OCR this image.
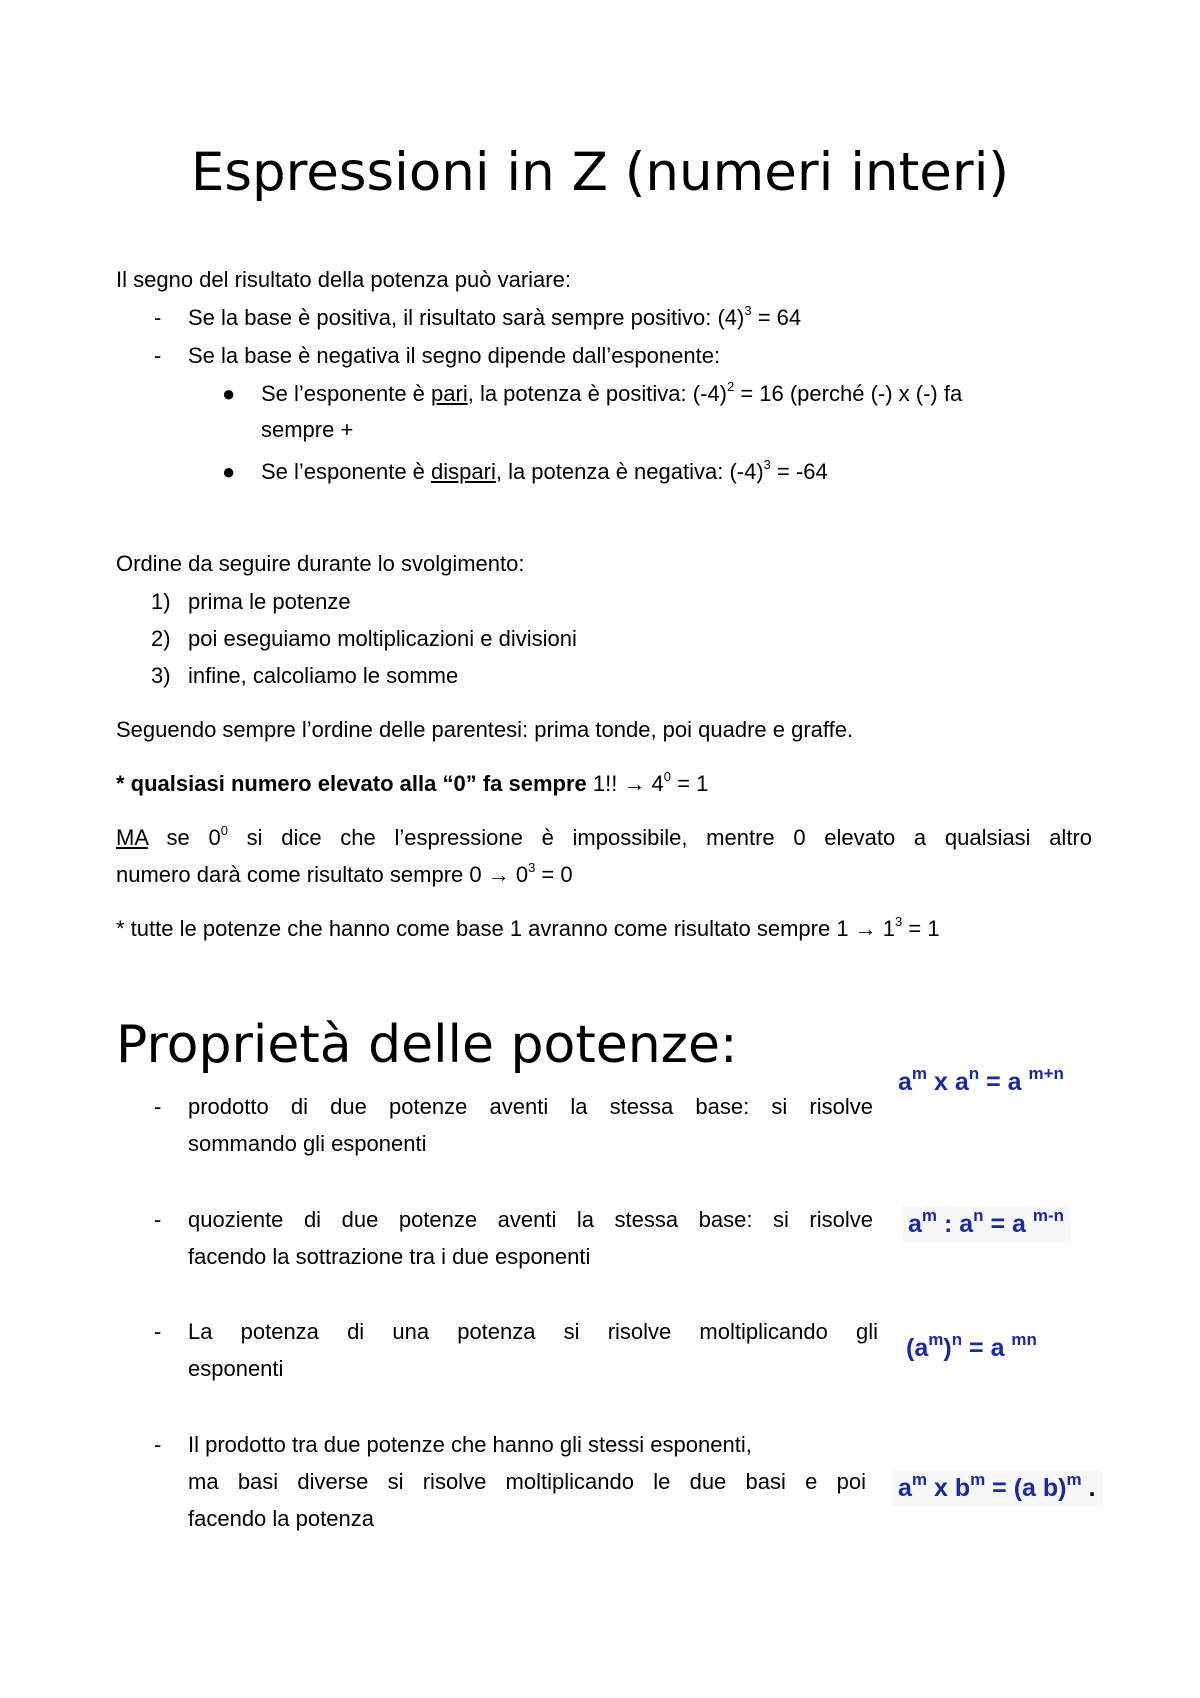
Espressioni in Z (numeri interi)
Il segno del risultato della potenza può variare:
- Se la base è positiva, il risultato sarà sempre positivo: $(4)^3 = 64$
- Se la base è negativa il segno dipende dall’esponente:
● Se l’esponente è pari, la potenza è positiva: $(-4)^2 = 16$ (perché (-) x (-) fa
sempre +
● Se l’esponente è dispari, la potenza è negativa: $(-4)^3 = -64$
Ordine da seguire durante lo svolgimento:
1) prima le potenze
2) poi eseguiamo moltiplicazioni e divisioni
3) infine, calcoliamo le somme
Seguendo sempre l’ordine delle parentesi: prima tonde, poi quadre e graffe.
* qualsiasi numero elevato alla “0” fa sempre 1!! → $4^0 = 1$
MA se $0^0$ si dice che l’espressione è impossibile, mentre 0 elevato a qualsiasi altro
numero darà come risultato sempre $0 \to 0^3 = 0$
* tutte le potenze che hanno come base 1 avranno come risultato sempre $1 \to 1^3 = 1$
Proprietà delle potenze:
- prodotto di due potenze aventi la stessa base: si risolve
sommando gli esponenti
- quoziente di due potenze aventi la stessa base: si risolve
facendo la sottrazione tra i due esponenti
- La potenza di una potenza si risolve moltiplicando gli
esponenti
- Il prodotto tra due potenze che hanno gli stessi esponenti,
ma basi diverse si risolve moltiplicando le due basi e poi
facendo la potenza
$a^m$ x $a^n = a$ $^{m+n}$
$a^m$ : $a^n = a$ $^{m-n}$
$(a^m)^n = a$ $^{mn}$
$a^m$ x $b^m = (a$ b)$^m$ .
